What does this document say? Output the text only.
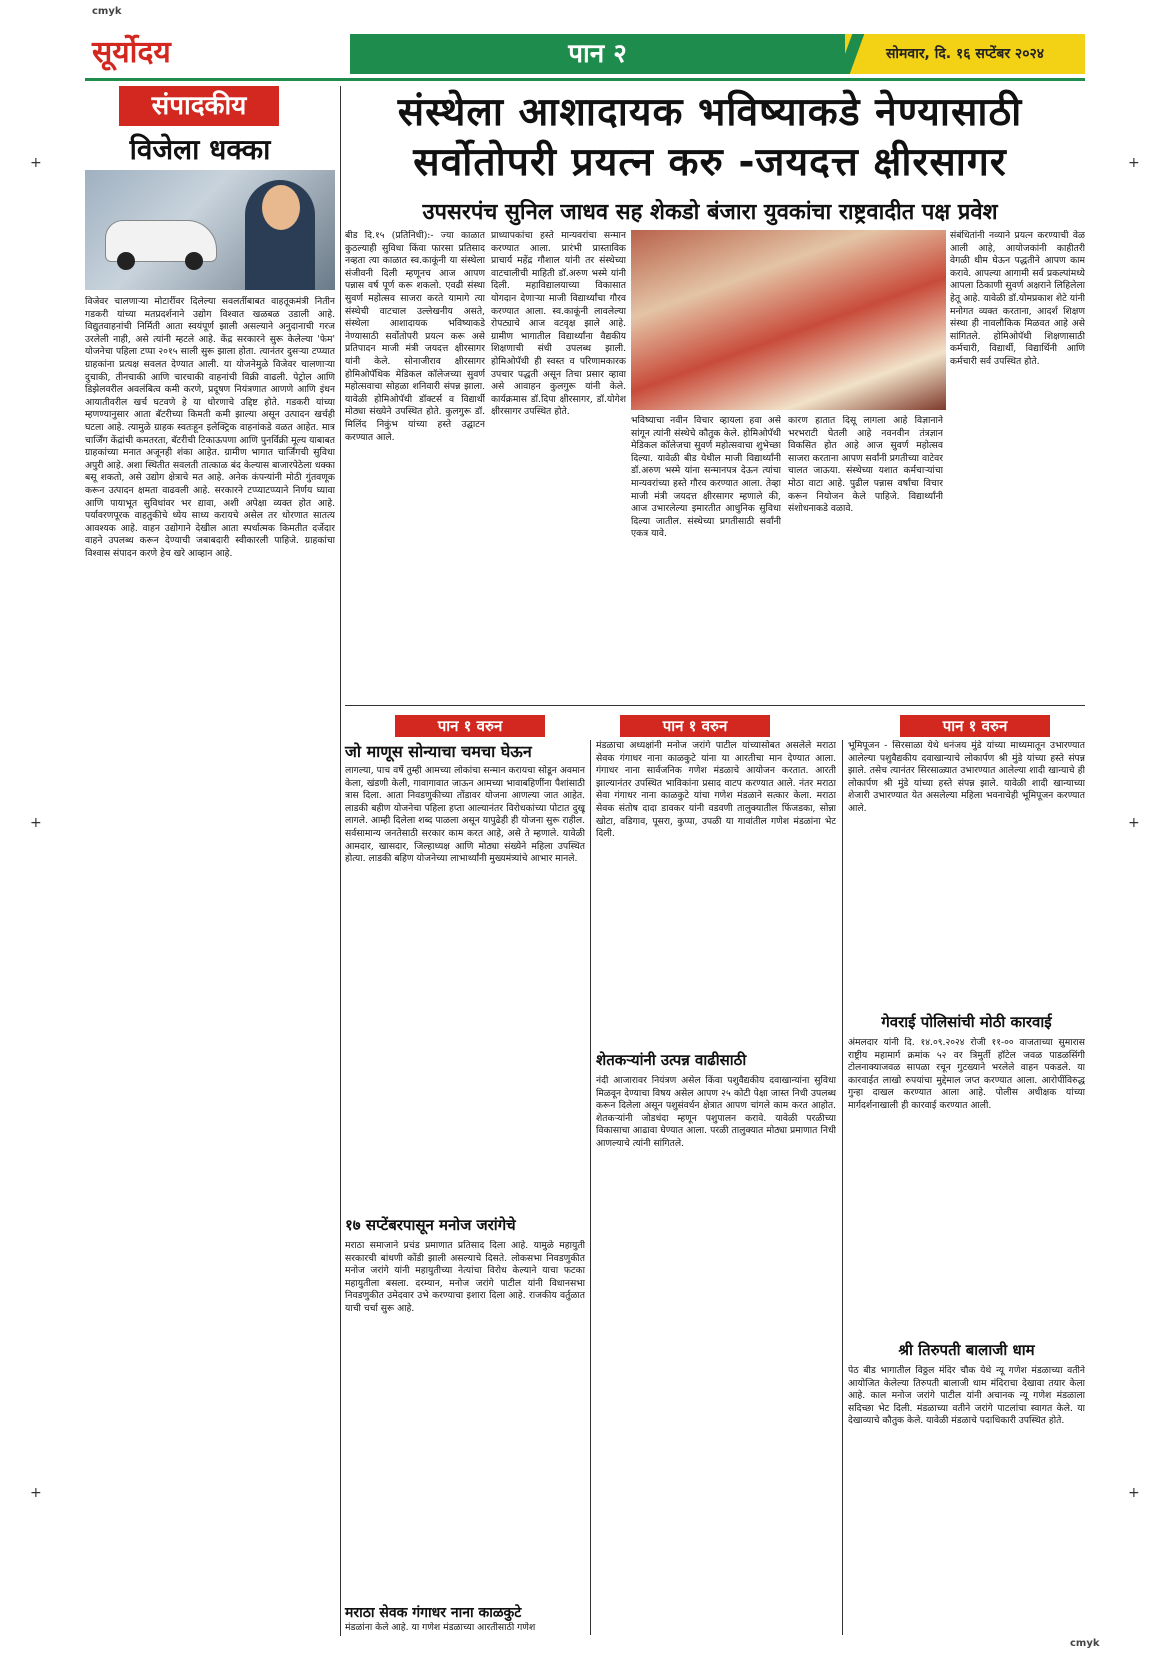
cmyk
cmyk
+	+
+	+
+	+
सूर्योदय	पान २	सोमवार, दि. १६ सप्टेंबर २०२४
संपादकीय
विजेला धक्का
विजेवर चालणाऱ्या मोटारींवर दिलेल्या सवलतींबाबत वाहतूकमंत्री नितीन गडकरी यांच्या मतप्रदर्शनाने उद्योग विश्वात खळबळ उडाली आहे. विद्युतवाहनांची निर्मिती आता स्वयंपूर्ण झाली असल्याने अनुदानाची गरज उरलेली नाही, असे त्यांनी म्हटले आहे. केंद्र सरकारने सुरू केलेल्या 'फेम' योजनेचा पहिला टप्पा २०१५ साली सुरू झाला होता. त्यानंतर दुसऱ्या टप्प्यात ग्राहकांना प्रत्यक्ष सवलत देण्यात आली. या योजनेमुळे विजेवर चालणाऱ्या दुचाकी, तीनचाकी आणि चारचाकी वाहनांची विक्री वाढली. पेट्रोल आणि डिझेलवरील अवलंबित्व कमी करणे, प्रदूषण नियंत्रणात आणणे आणि इंधन आयातीवरील खर्च घटवणे हे या धोरणाचे उद्दिष्ट होते. गडकरी यांच्या म्हणण्यानुसार आता बॅटरीच्या किमती कमी झाल्या असून उत्पादन खर्चही घटला आहे. त्यामुळे ग्राहक स्वतःहून इलेक्ट्रिक वाहनांकडे वळत आहेत. मात्र चार्जिंग केंद्रांची कमतरता, बॅटरीची टिकाऊपणा आणि पुनर्विक्री मूल्य याबाबत ग्राहकांच्या मनात अजूनही शंका आहेत. ग्रामीण भागात चार्जिंगची सुविधा अपुरी आहे. अशा स्थितीत सवलती तात्काळ बंद केल्यास बाजारपेठेला धक्का बसू शकतो, असे उद्योग क्षेत्राचे मत आहे. अनेक कंपन्यांनी मोठी गुंतवणूक करून उत्पादन क्षमता वाढवली आहे. सरकारने टप्प्याटप्प्याने निर्णय घ्यावा आणि पायाभूत सुविधांवर भर द्यावा, अशी अपेक्षा व्यक्त होत आहे. पर्यावरणपूरक वाहतुकीचे ध्येय साध्य करायचे असेल तर धोरणात सातत्य आवश्यक आहे. वाहन उद्योगाने देखील आता स्पर्धात्मक किमतीत दर्जेदार वाहने उपलब्ध करून देण्याची जबाबदारी स्वीकारली पाहिजे. ग्राहकांचा विश्वास संपादन करणे हेच खरे आव्हान आहे.
संस्थेला आशादायक भविष्याकडे नेण्यासाठी
सर्वोतोपरी प्रयत्न करु -जयदत्त क्षीरसागर
उपसरपंच सुनिल जाधव सह शेकडो बंजारा युवकांचा राष्ट्रवादीत पक्ष प्रवेश
बीड दि.१५ (प्रतिनिधी):- ज्या काळात कुठल्याही सुविधा किंवा फारसा प्रतिसाद नव्हता त्या काळात स्व.काकूंनी या संस्थेला संजीवनी दिली म्हणूनच आज आपण पन्नास वर्ष पूर्ण करू शकलो. एवढी संस्था सुवर्ण महोत्सव साजरा करते यामागे त्या संस्थेची वाटचाल उल्लेखनीय असते, संस्थेला आशादायक भविष्याकडे नेण्यासाठी सर्वोतोपरी प्रयत्न करू असे प्रतिपादन माजी मंत्री जयदत्त क्षीरसागर यांनी केले. सोनाजीराव क्षीरसागर होमिओपॅथिक मेडिकल कॉलेजच्या सुवर्ण महोत्सवाचा सोहळा शनिवारी संपन्न झाला. यावेळी होमिओपॅथी डॉक्टर्स व विद्यार्थी मोठ्या संख्येने उपस्थित होते. कुलगुरू डॉ. मिलिंद निकुंभ यांच्या हस्ते उद्घाटन करण्यात आले.
प्राध्यापकांचा हस्ते मान्यवरांचा सन्मान करण्यात आला. प्रारंभी प्रास्ताविक प्राचार्य महेंद्र गौशाल यांनी तर संस्थेच्या वाटचालीची माहिती डॉ.अरुण भस्मे यांनी दिली. महाविद्यालयाच्या विकासात योगदान देणाऱ्या माजी विद्यार्थ्यांचा गौरव करण्यात आला. स्व.काकूंनी लावलेल्या रोपट्याचे आज वटवृक्ष झाले आहे. ग्रामीण भागातील विद्यार्थ्यांना वैद्यकीय शिक्षणाची संधी उपलब्ध झाली. होमिओपॅथी ही स्वस्त व परिणामकारक उपचार पद्धती असून तिचा प्रसार व्हावा असे आवाहन कुलगुरू यांनी केले. कार्यक्रमास डॉ.दिपा क्षीरसागर, डॉ.योगेश क्षीरसागर उपस्थित होते.
भविष्याचा नवीन विचार व्हायला हवा असे सांगून त्यांनी संस्थेचे कौतुक केले. होमिओपॅथी मेडिकल कॉलेजचा सुवर्ण महोत्सवाचा शुभेच्छा दिल्या. यावेळी बीड येथील माजी विद्यार्थ्यांनी डॉ.अरुण भस्मे यांना सन्मानपत्र देऊन त्यांचा मान्यवरांच्या हस्ते गौरव करण्यात आला. तेव्हा माजी मंत्री जयदत्त क्षीरसागर म्हणाले की, आज उभारलेल्या इमारतीत आधुनिक सुविधा दिल्या जातील. संस्थेच्या प्रगतीसाठी सर्वांनी एकत्र यावे.
कारण हातात दिसू लागला आहे विज्ञानाने भरभराटी घेतली आहे नवनवीन तंत्रज्ञान विकसित होत आहे आज सुवर्ण महोत्सव साजरा करताना आपण सर्वांनी प्रगतीच्या वाटेवर चालत जाऊया. संस्थेच्या यशात कर्मचाऱ्यांचा मोठा वाटा आहे. पुढील पन्नास वर्षांचा विचार करून नियोजन केले पाहिजे. विद्यार्थ्यांनी संशोधनाकडे वळावे.
संबंधितांनी नव्याने प्रयत्न करण्याची वेळ आली आहे, आयोजकांनी काहीतरी वेगळी थीम घेऊन पद्धतीने आपण काम करावे. आपल्या आगामी सर्व प्रकल्पांमध्ये आपला ठिकाणी सुवर्ण अक्षराने लिहिलेला हेतू आहे. यावेळी डॉ.योमप्रकाश शेटे यांनी मनोगत व्यक्त करताना, आदर्श शिक्षण संस्था ही नावलौकिक मिळवत आहे असे सांगितले. होमिओपॅथी शिक्षणासाठी कर्मचारी, विद्यार्थी, विद्यार्थिनी आणि कर्मचारी सर्व उपस्थित होते.
पान १ वरुन	पान १ वरुन	पान १ वरुन
जो माणूस सोन्याचा चमचा घेऊन
लागल्या, पाच वर्षे तुम्ही आमच्या लोकांचा सन्मान करायचा सोडून अवमान केला, खंडणी केली, गावागावात जाऊन आमच्या भावाबहिणींना पैशांसाठी त्रास दिला. आता निवडणुकीच्या तोंडावर योजना आणल्या जात आहेत. लाडकी बहीण योजनेचा पहिला हप्ता आल्यानंतर विरोधकांच्या पोटात दुखू लागले. आम्ही दिलेला शब्द पाळला असून यापुढेही ही योजना सुरू राहील. सर्वसामान्य जनतेसाठी सरकार काम करत आहे, असे ते म्हणाले. यावेळी आमदार, खासदार, जिल्हाध्यक्ष आणि मोठ्या संख्येने महिला उपस्थित होत्या. लाडकी बहिण योजनेच्या लाभार्थ्यांनी मुख्यमंत्र्यांचे आभार मानले.
१७ सप्टेंबरपासून मनोज जरांगेचे
मराठा समाजाने प्रचंड प्रमाणात प्रतिसाद दिला आहे. यामुळे महायुती सरकारची बांधणी कोंडी झाली असल्याचे दिसते. लोकसभा निवडणुकीत मनोज जरांगे यांनी महायुतीच्या नेत्यांचा विरोध केल्याने याचा फटका महायुतीला बसला. दरम्यान, मनोज जरांगे पाटील यांनी विधानसभा निवडणुकीत उमेदवार उभे करण्याचा इशारा दिला आहे. राजकीय वर्तुळात याची चर्चा सुरू आहे.
मराठा सेवक गंगाधर नाना काळकुटे
मंडळांना केले आहे. या गणेश मंडळाच्या आरतीसाठी गणेश
मंडळाचा अध्यक्षांनी मनोज जरांगे पाटील यांच्यासोबत असलेले मराठा सेवक गंगाधर नाना काळकुटे यांना या आरतीचा मान देण्यात आला. गंगाधर नाना सार्वजनिक गणेश मंडळाचे आयोजन करतात. आरती झाल्यानंतर उपस्थित भाविकांना प्रसाद वाटप करण्यात आले. नंतर मराठा सेवा गंगाधर नाना काळकुटे यांचा गणेश मंडळाने सत्कार केला. मराठा सेवक संतोष दादा डावकर यांनी वडवणी तालुक्यातील फिंजडका, सोन्ना खोटा, वडिगाव, पूसरा, कुप्पा, उपळी या गावांतील गणेश मंडळांना भेट दिली.
शेतकऱ्यांनी उत्पन्न वाढीसाठी
नंदी आजारावर नियंत्रण असेल किंवा पशुवैद्यकीय दवाखान्यांना सुविधा मिळवून देण्याचा विषय असेल आपण २५ कोटी पेक्षा जास्त निधी उपलब्ध करून दिलेला असून पशुसंवर्धन क्षेत्रात आपण चांगले काम करत आहोत. शेतकऱ्यांनी जोडधंदा म्हणून पशुपालन करावे. यावेळी परळीच्या विकासाचा आढावा घेण्यात आला. परळी तालुक्यात मोठ्या प्रमाणात निधी आणल्याचे त्यांनी सांगितले.
भूमिपूजन - सिरसाळा येथे धनंजय मुंडे यांच्या माध्यमातून उभारण्यात आलेल्या पशुवैद्यकीय दवाखान्याचे लोकार्पण श्री मुंडे यांच्या हस्ते संपन्न झाले. तसेच त्यानंतर सिरसाळ्यात उभारण्यात आलेल्या शादी खान्याचे ही लोकार्पण श्री मुंडे यांच्या हस्ते संपन्न झाले. यावेळी शादी खान्याच्या शेजारी उभारण्यात येत असलेल्या महिला भवनाचेही भूमिपूजन करण्यात आले.
गेवराई पोलिसांची मोठी कारवाई
अंमलदार यांनी दि. १४.०९.२०२४ रोजी ११-०० वाजताच्या सुमारास राष्ट्रीय महामार्ग क्रमांक ५२ वर त्रिमुर्ती हॉटेल जवळ पाडळसिंगी टोलनाक्याजवळ सापळा रचून गुटख्याने भरलेले वाहन पकडले. या कारवाईत लाखो रुपयांचा मुद्देमाल जप्त करण्यात आला. आरोपींविरुद्ध गुन्हा दाखल करण्यात आला आहे. पोलीस अधीक्षक यांच्या मार्गदर्शनाखाली ही कारवाई करण्यात आली.
श्री तिरुपती बालाजी धाम
पेठ बीड भागातील विठ्ठल मंदिर चौक येथे न्यू गणेश मंडळाच्या वतीने आयोजित केलेल्या तिरुपती बालाजी धाम मंदिराचा देखावा तयार केला आहे. काल मनोज जरांगे पाटील यांनी अचानक न्यू गणेश मंडळाला सदिच्छा भेट दिली. मंडळाच्या वतीने जरांगे पाटलांचा स्वागत केले. या देखाव्याचे कौतुक केले. यावेळी मंडळाचे पदाधिकारी उपस्थित होते.
